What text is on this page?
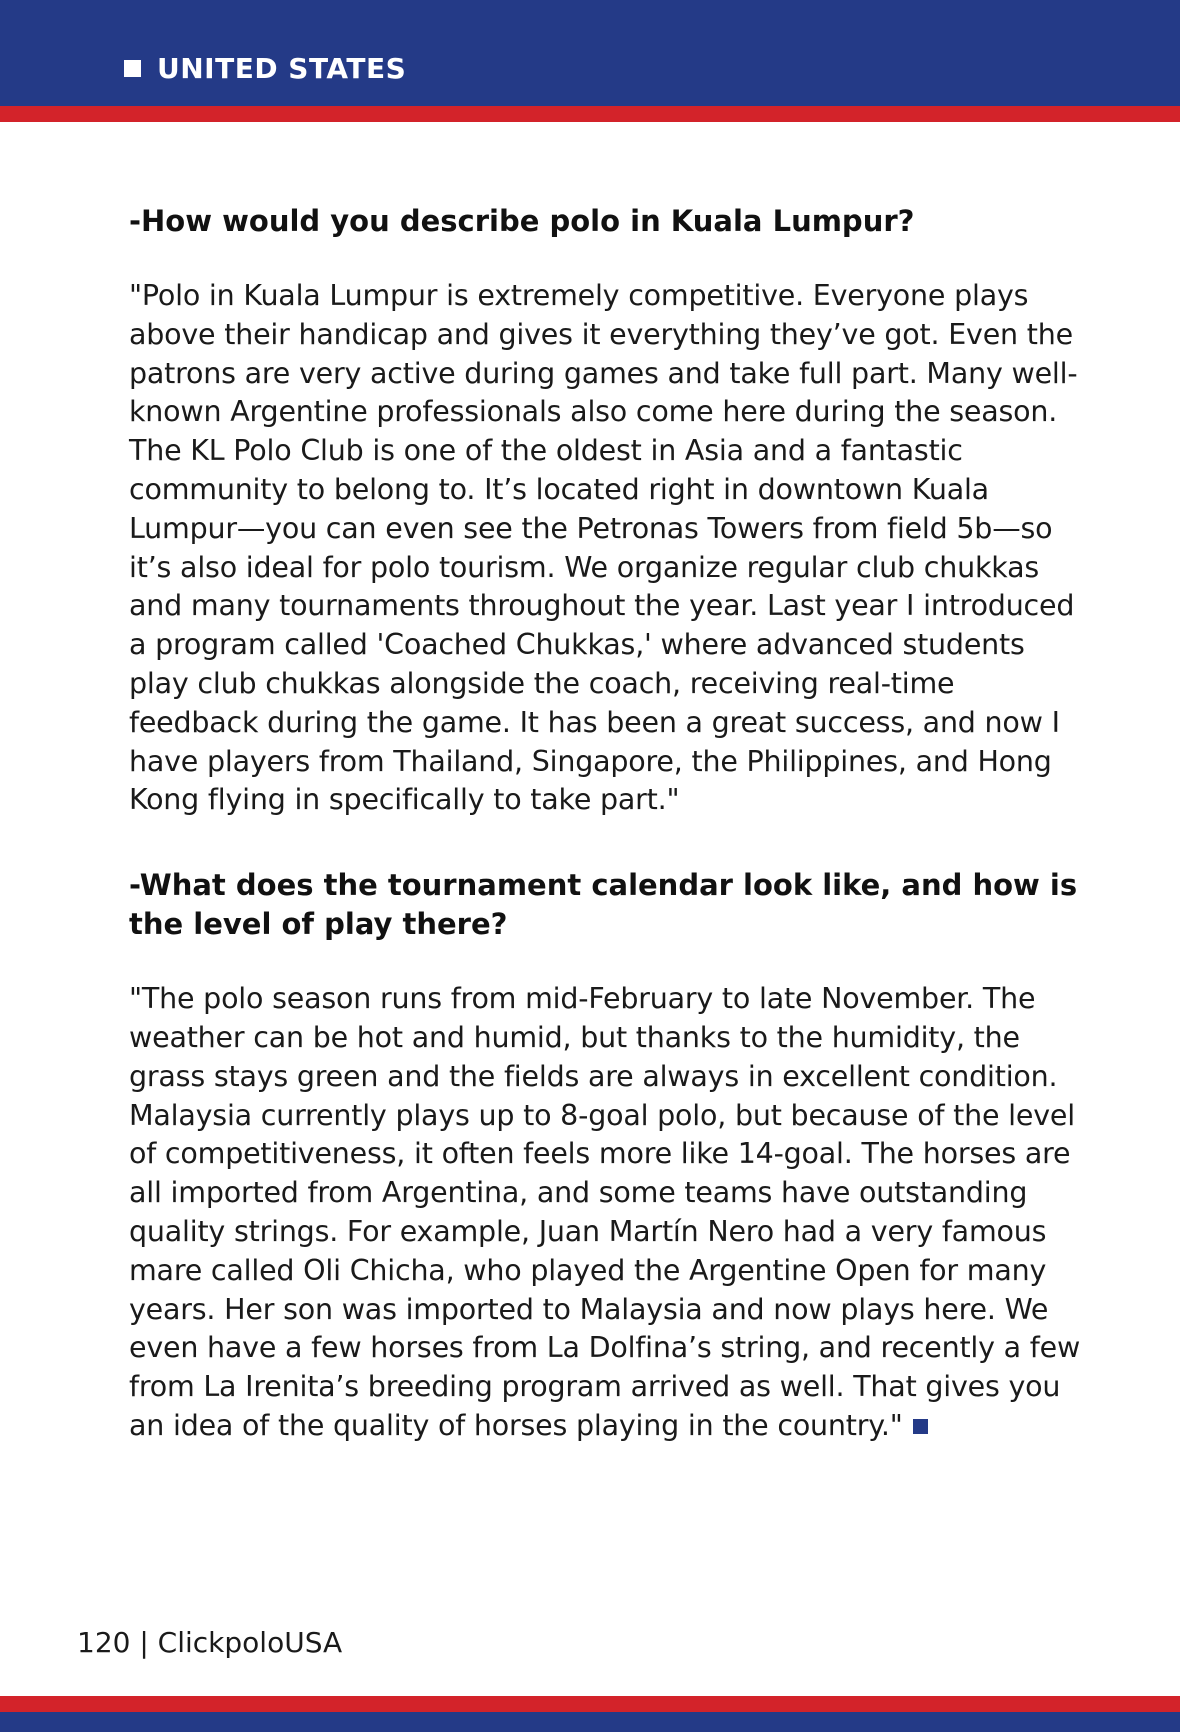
UNITED STATES

-How would you describe polo in Kuala Lumpur?

"Polo in Kuala Lumpur is extremely competitive. Everyone plays above their handicap and gives it everything they’ve got. Even the patrons are very active during games and take full part. Many well-known Argentine professionals also come here during the season. The KL Polo Club is one of the oldest in Asia and a fantastic community to belong to. It’s located right in downtown Kuala Lumpur—you can even see the Petronas Towers from field 5b—so it’s also ideal for polo tourism. We organize regular club chukkas and many tournaments throughout the year. Last year I introduced a program called 'Coached Chukkas,' where advanced students play club chukkas alongside the coach, receiving real-time feedback during the game. It has been a great success, and now I have players from Thailand, Singapore, the Philippines, and Hong Kong flying in specifically to take part."

-What does the tournament calendar look like, and how is the level of play there?

"The polo season runs from mid-February to late November. The weather can be hot and humid, but thanks to the humidity, the grass stays green and the fields are always in excellent condition. Malaysia currently plays up to 8-goal polo, but because of the level of competitiveness, it often feels more like 14-goal. The horses are all imported from Argentina, and some teams have outstanding quality strings. For example, Juan Martín Nero had a very famous mare called Oli Chicha, who played the Argentine Open for many years. Her son was imported to Malaysia and now plays here. We even have a few horses from La Dolfina’s string, and recently a few from La Irenita’s breeding program arrived as well. That gives you an idea of the quality of horses playing in the country."

120 | ClickpoloUSA
